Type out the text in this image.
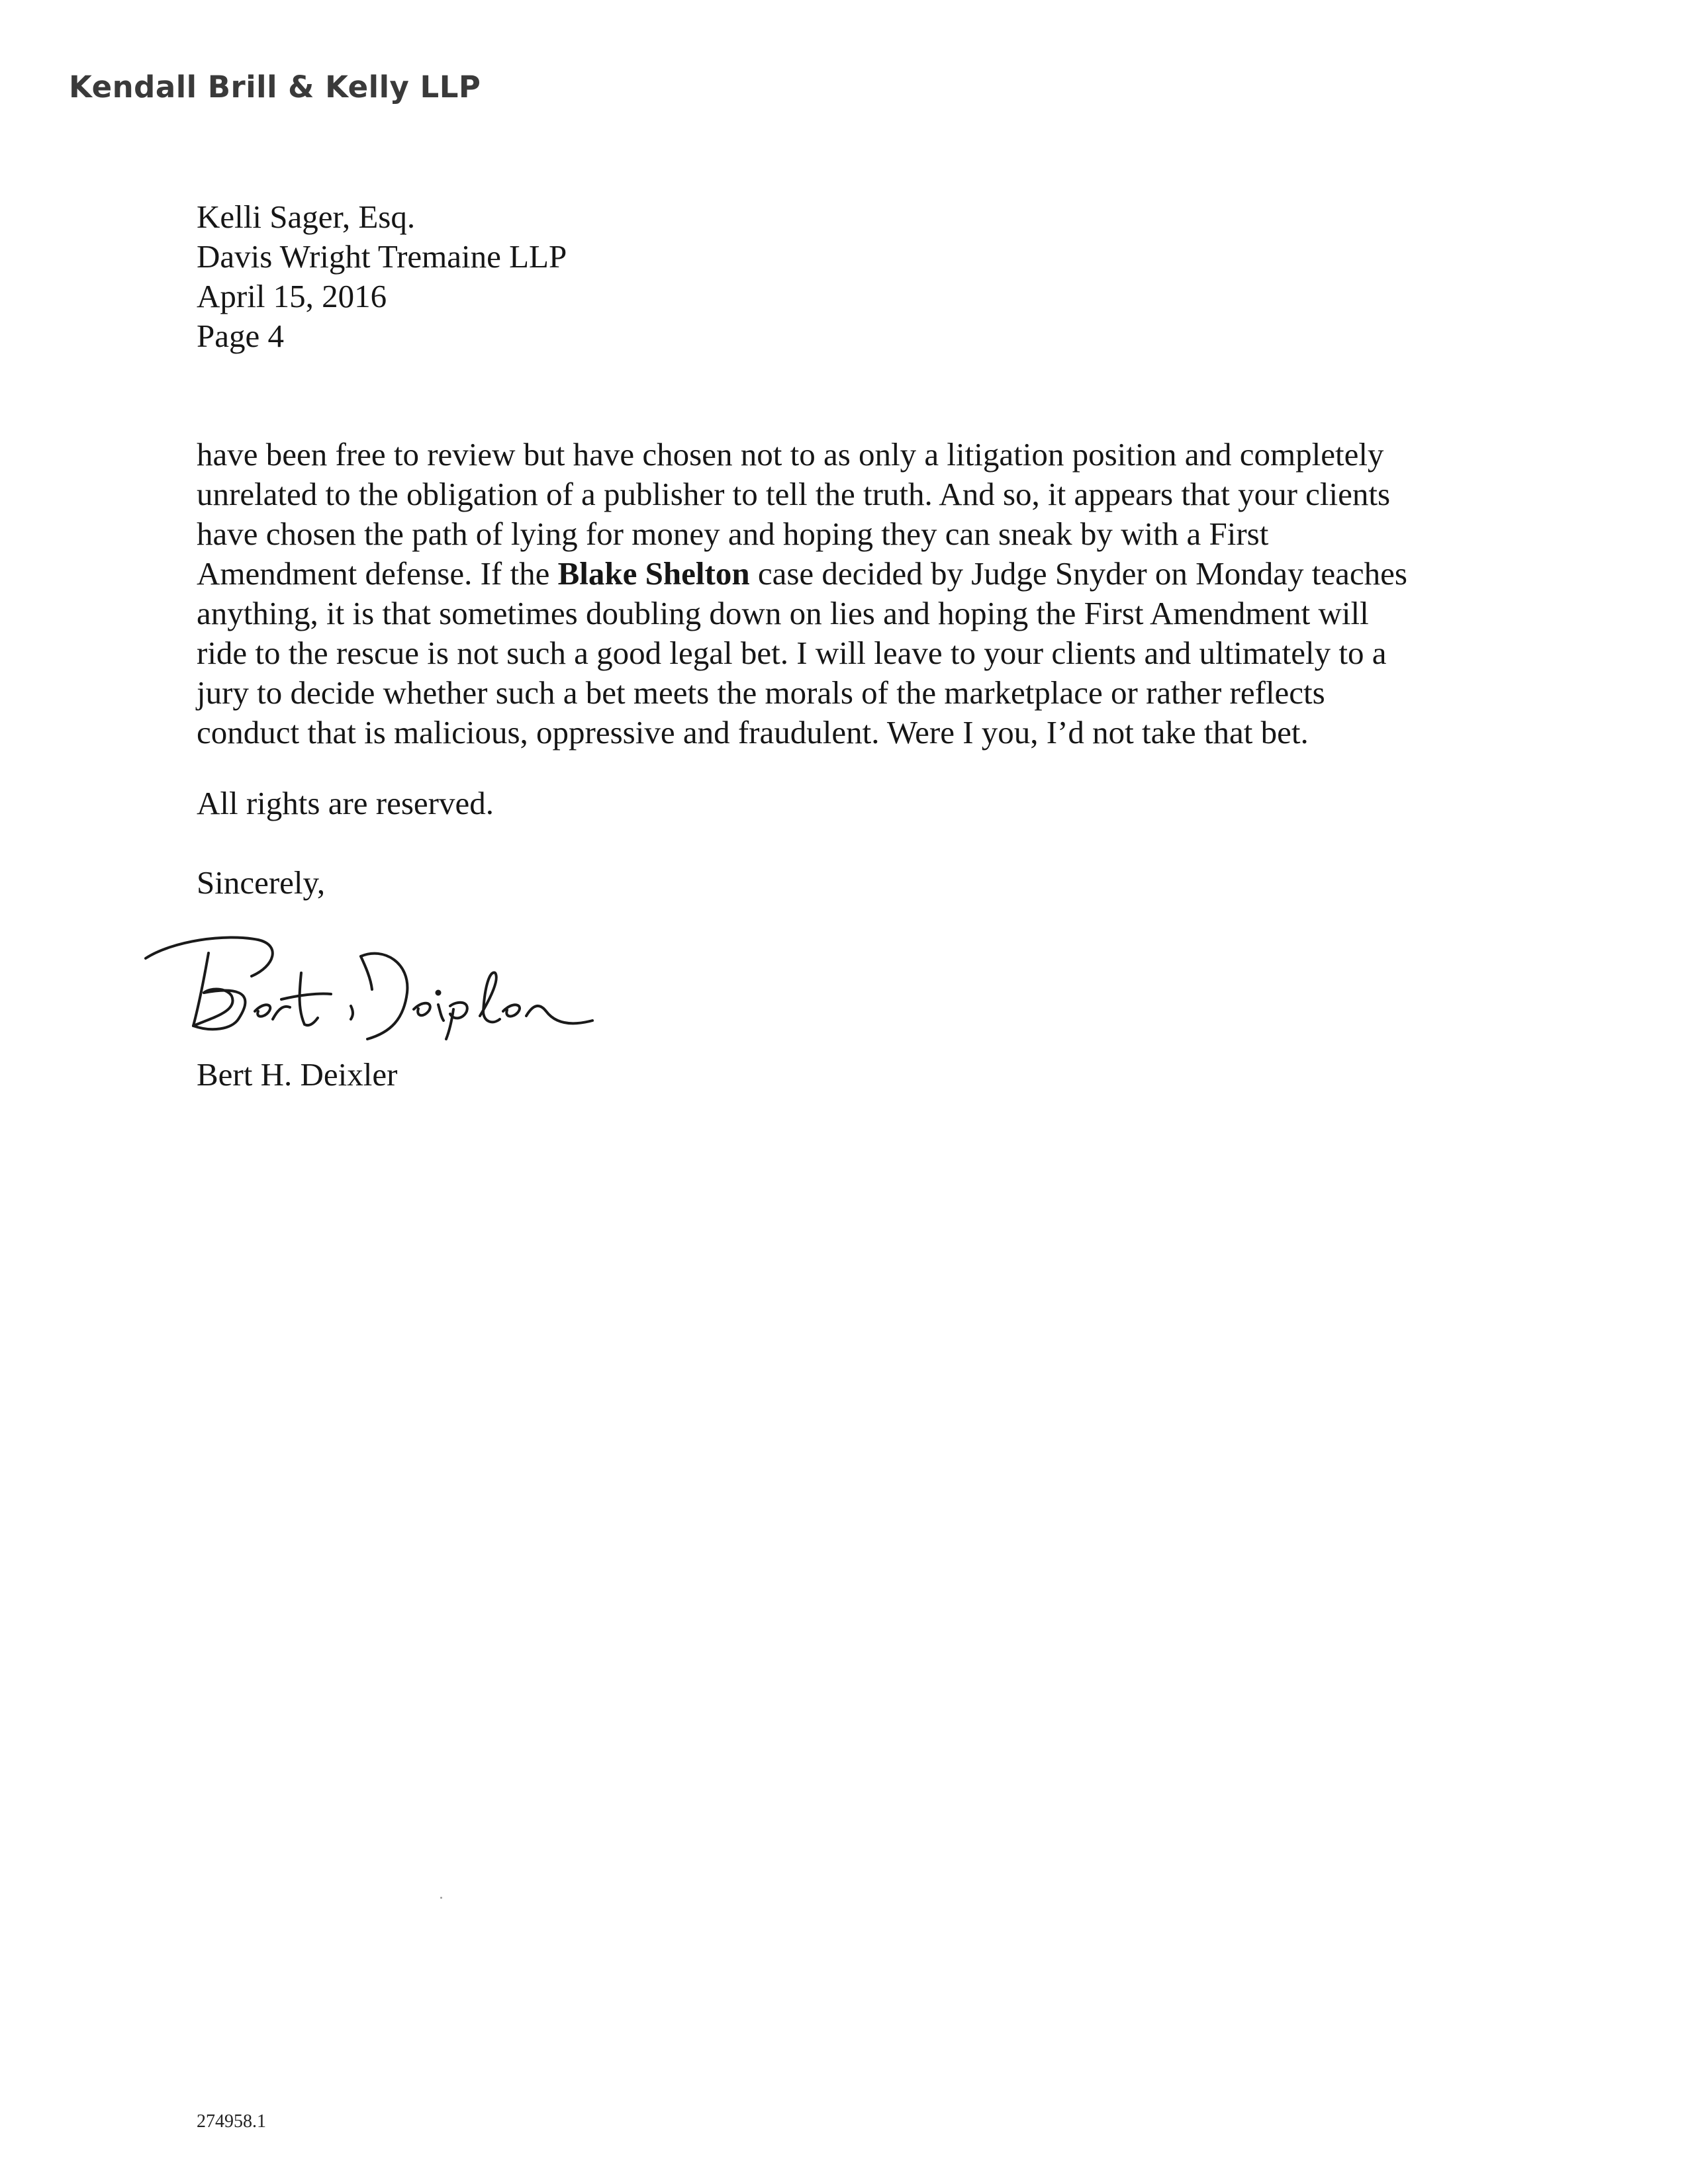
Kendall Brill & Kelly LLP
Kelli Sager, Esq.
Davis Wright Tremaine LLP
April 15, 2016
Page 4
have been free to review but have chosen not to as only a litigation position and completely
unrelated to the obligation of a publisher to tell the truth. And so, it appears that your clients
have chosen the path of lying for money and hoping they can sneak by with a First
Amendment defense. If the Blake Shelton case decided by Judge Snyder on Monday teaches
anything, it is that sometimes doubling down on lies and hoping the First Amendment will
ride to the rescue is not such a good legal bet. I will leave to your clients and ultimately to a
jury to decide whether such a bet meets the morals of the marketplace or rather reflects
conduct that is malicious, oppressive and fraudulent. Were I you, I’d not take that bet.
All rights are reserved.
Sincerely,
Bert H. Deixler
274958.1
